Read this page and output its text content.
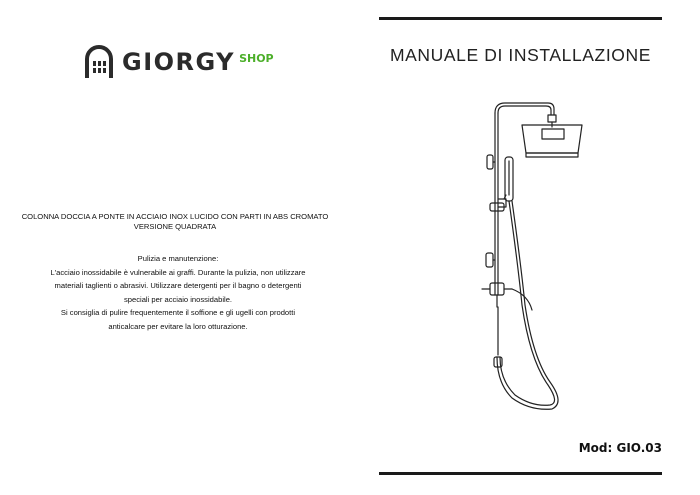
GIORGY SHOP
COLONNA DOCCIA A PONTE IN ACCIAIO INOX LUCIDO CON PARTI IN ABS CROMATO VERSIONE QUADRATA

Pulizia e manutenzione:

L'acciaio inossidabile è vulnerabile ai graffi. Durante la pulizia, non utilizzare

materiali taglienti o abrasivi. Utilizzare detergenti per il bagno o detergenti

speciali per acciaio inossidabile.

Si consiglia di pulire frequentemente il soffione e gli ugelli con prodotti

anticalcare per evitare la loro otturazione.

MANUALE DI INSTALLAZIONE
Mod: GIO.03
